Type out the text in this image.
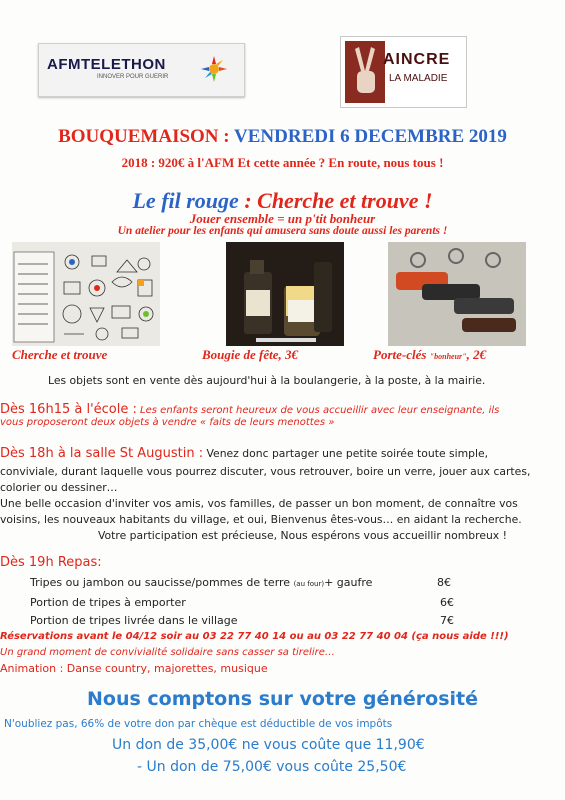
AFMTELETHON
INNOVER POUR GUERIR
AINCRE
LA MALADIE
BOUQUEMAISON : VENDREDI 6 DECEMBRE 2019
2018 : 920€ à l'AFM Et cette année ? En route, nous tous !
Le fil rouge : Cherche et trouve !
Jouer ensemble = un p'tit bonheur
Un atelier pour les enfants qui amusera sans doute aussi les parents !
Cherche et trouve	Bougie de fête, 3€	Porte-clés "bonheur", 2€
Les objets sont en vente dès aujourd'hui à la boulangerie, à la poste, à la mairie.
Dès 16h15 à l'école : Les enfants seront heureux de vous accueillir avec leur enseignante, ils
vous proposeront deux objets à vendre « faits de leurs menottes »
Dès 18h à la salle St Augustin : Venez donc partager une petite soirée toute simple,
conviviale, durant laquelle vous pourrez discuter, vous retrouver, boire un verre, jouer aux cartes,
colorier ou dessiner…
Une belle occasion d'inviter vos amis, vos familles, de passer un bon moment, de connaître vos
voisins, les nouveaux habitants du village, et oui, Bienvenus êtes-vous… en aidant la recherche.
Votre participation est précieuse, Nous espérons vous accueillir nombreux !
Dès 19h Repas:
Tripes ou jambon ou saucisse/pommes de terre (au four)+ gaufre	8€
Portion de tripes à emporter	6€
Portion de tripes livrée dans le village	7€
Réservations avant le 04/12 soir au 03 22 77 40 14 ou au 03 22 77 40 04 (ça nous aide !!!)
Un grand moment de convivialité solidaire sans casser sa tirelire…
Animation : Danse country, majorettes, musique
Nous comptons sur votre générosité
N'oubliez pas, 66% de votre don par chèque est déductible de vos impôts
Un don de 35,00€ ne vous coûte que 11,90€
- Un don de 75,00€ vous coûte 25,50€
